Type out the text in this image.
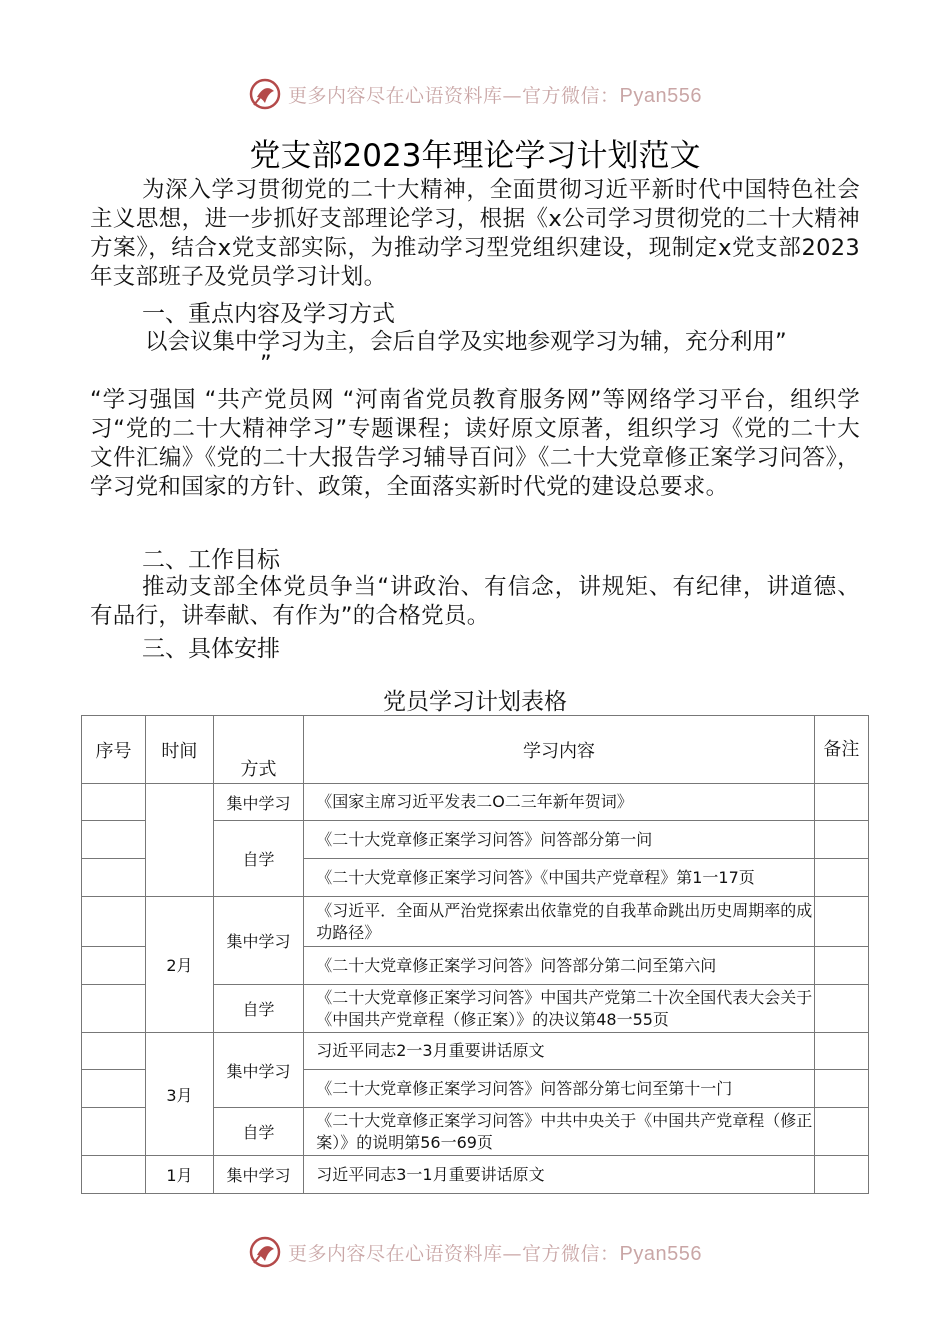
更多内容尽在心语资料库—官方微信：Pyan556
党支部2023年理论学习计划范文
为深入学习贯彻党的二十大精神，全面贯彻习近平新时代中国特色社会主义思想，进一步抓好支部理论学习，根据《x公司学习贯彻党的二十大精神方案》，结合x党支部实际，为推动学习型党组织建设，现制定x党支部2023年支部班子及党员学习计划。
一、重点内容及学习方式
以会议集中学习为主，会后自学及实地参观学习为辅，充分利用”
”
“学习强国 “共产党员网 “河南省党员教育服务网”等网络学习平台，组织学习“党的二十大精神学习”专题课程；读好原文原著，组织学习《党的二十大文件汇编》《党的二十大报告学习辅导百问》《二十大党章修正案学习问答》，学习党和国家的方针、政策，全面落实新时代党的建设总要求。
二、工作目标
推动支部全体党员争当“讲政治、有信念，讲规矩、有纪律，讲道德、有品行，讲奉献、有作为”的合格党员。
三、具体安排
党员学习计划表格
序号	时间	方式	学习内容	备注
		集中学习	《国家主席习近平发表二O二三年新年贺词》	
		自学	《二十大党章修正案学习问答》问答部分第一问	
			《二十大党章修正案学习问答》《中国共产党章程》第1一17页	
	2月	集中学习	《习近平．全面从严治党探索出依靠党的自我革命跳出历史周期率的成功路径》	
			《二十大党章修正案学习问答》问答部分第二问至第六问	
		自学	《二十大党章修正案学习问答》中国共产党第二十次全国代表大会关于《中国共产党章程（修正案）》的决议第48一55页	
	3月	集中学习	习近平同志2一3月重要讲话原文	
			《二十大党章修正案学习问答》问答部分第七问至第十一门	
		自学	《二十大党章修正案学习问答》中共中央关于《中国共产党章程（修正案）》的说明第56一69页	
	1月	集中学习	习近平同志3一1月重要讲话原文	
更多内容尽在心语资料库—官方微信：Pyan556
